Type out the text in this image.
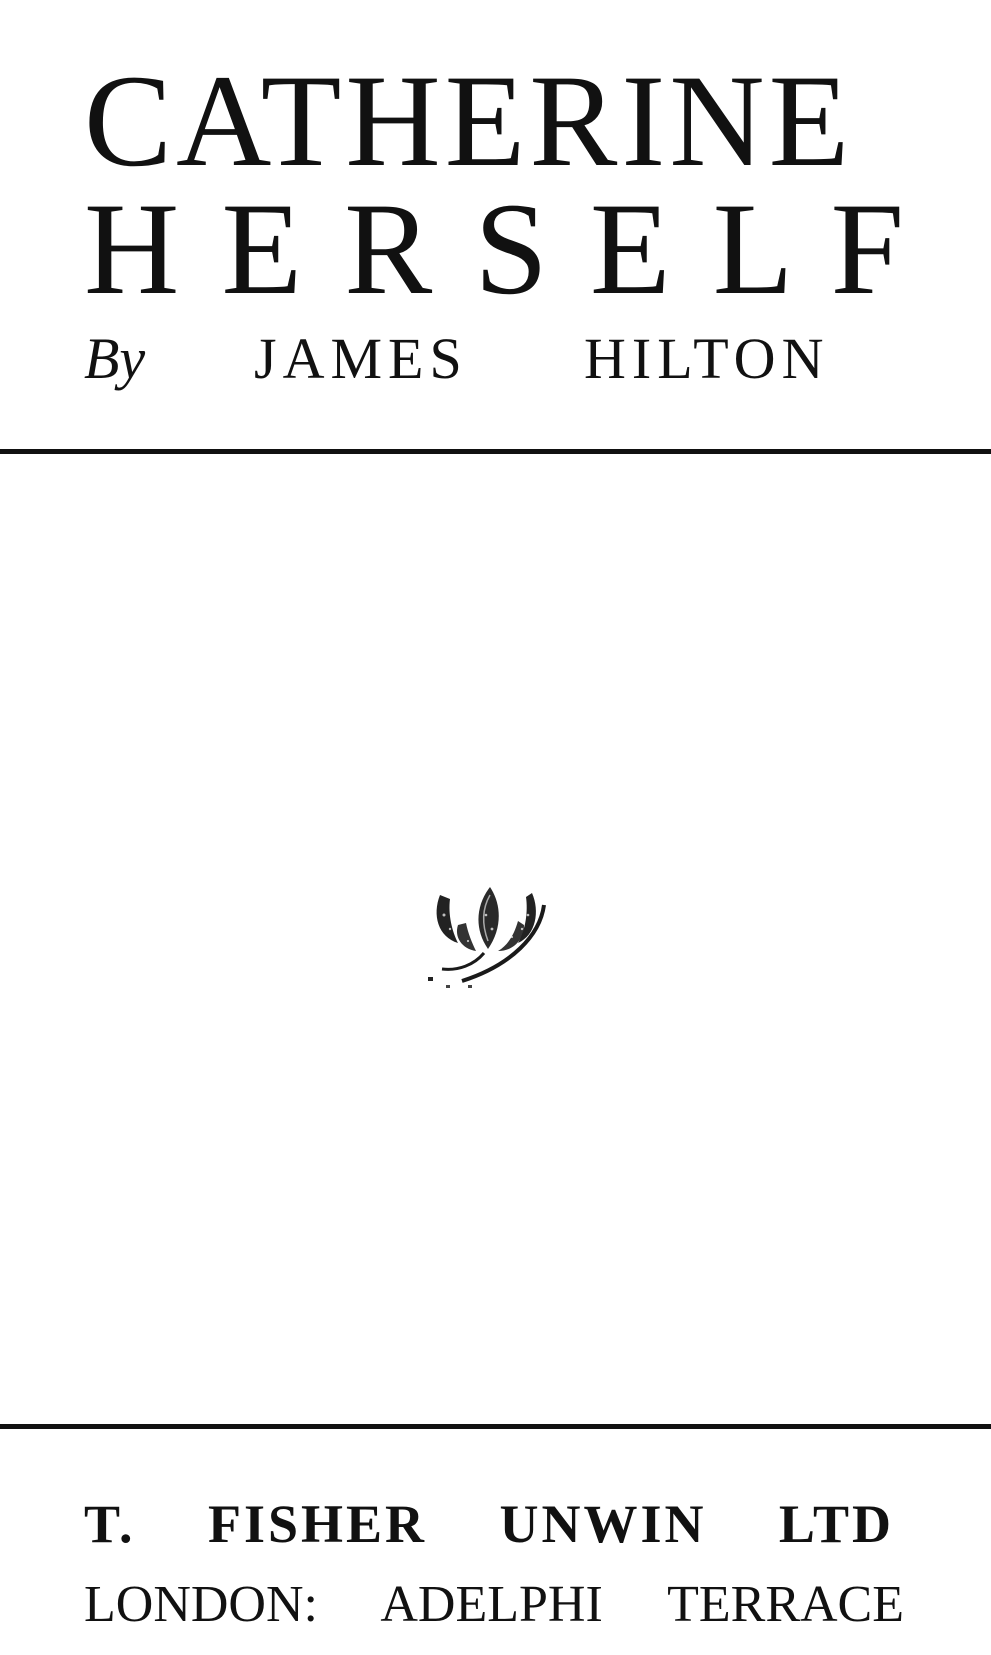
CATHERINE
H E R S E L F
By JAMES HILTON

T. FISHER UNWIN LTD

LONDON: ADELPHI TERRACE
